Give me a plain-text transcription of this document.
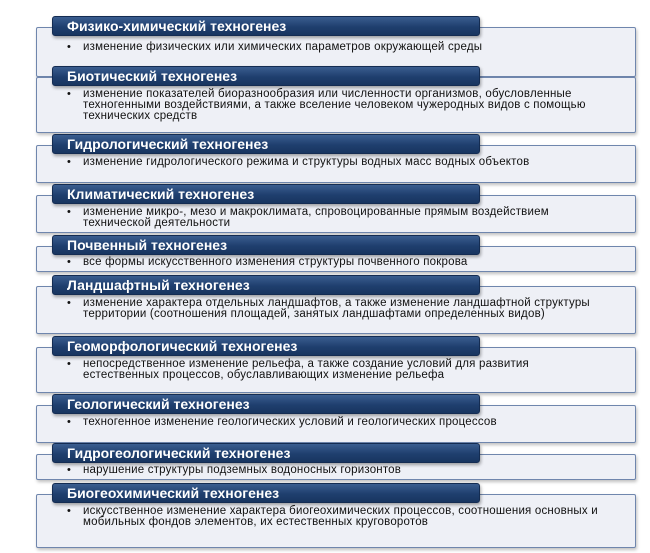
Физико-химический техногенез
• изменение физических или химических параметров окружающей среды
Биотический техногенез
• изменение показателей биоразнообразия или численности организмов, обусловленные техногенными воздействиями, а также вселение человеком чужеродных видов с помощью технических средств
Гидрологический техногенез
• изменение гидрологического режима и структуры водных масс водных объектов
Климатический техногенез
• изменение микро-, мезо и макроклимата, спровоцированные прямым воздействием технической деятельности
Почвенный техногенез
• все формы искусственного изменения структуры почвенного покрова
Ландшафтный техногенез
• изменение характера отдельных ландшафтов, а также изменение ландшафтной структуры территории (соотношения площадей, занятых ландшафтами определенных видов)
Геоморфологический техногенез
• непосредственное изменение рельефа, а также создание условий для развития естественных процессов, обуславливающих изменение рельефа
Геологический техногенез
• техногенное изменение геологических условий и геологических процессов
Гидрогеологический техногенез
• нарушение структуры подземных водоносных горизонтов
Биогеохимический техногенез
• искусственное изменение характера биогеохимических процессов, соотношения основных и мобильных фондов элементов, их естественных круговоротов
